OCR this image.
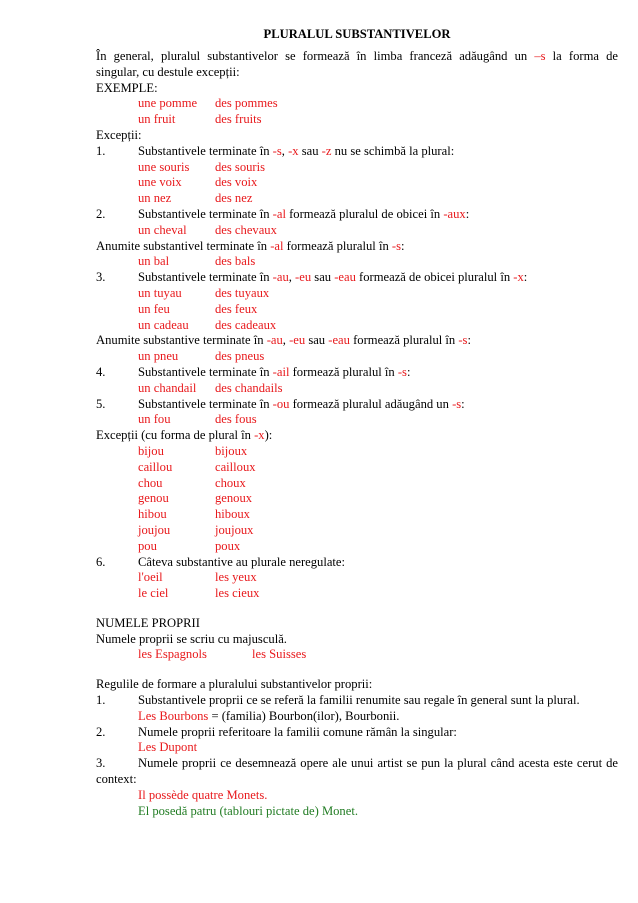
PLURALUL SUBSTANTIVELOR
În general, pluralul substantivelor se formează în limba franceză adăugând un –s la forma de
singular, cu destule excepții:
EXEMPLE:
une pomme des pommes
un fruit	des fruits
Excepții:
1.	Substantivele terminate în -s, -x sau -z nu se schimbă la plural:
une souris des souris
une voix	des voix
un nez	des nez
2.	Substantivele terminate în -al formează pluralul de obicei în -aux:
un cheval des chevaux
Anumite substantivel terminate în -al formează pluralul în -s:
un bal	des bals
3.	Substantivele terminate în -au, -eu sau -eau formează de obicei pluralul în -x:
un tuyau	des tuyaux
un feu	des feux
un cadeau des cadeaux
Anumite substantive terminate în -au, -eu sau -eau formează pluralul în -s:
un pneu	des pneus
4.	Substantivele terminate în -ail formează pluralul în -s:
un chandail des chandails
5.	Substantivele terminate în -ou formează pluralul adăugând un -s:
un fou	des fous
Excepții (cu forma de plural în -x):
bijou	bijoux
caillou	cailloux
chou	choux
genou	genoux
hibou	hiboux
joujou	joujoux
pou	poux
6.	Câteva substantive au plurale neregulate:
l'oeil	les yeux
le ciel	les cieux
NUMELE PROPRII
Numele proprii se scriu cu majusculă.
les Espagnols	les Suisses
Regulile de formare a pluralului substantivelor proprii:
1.	Substantivele proprii ce se referă la familii renumite sau regale în general sunt la plural.
Les Bourbons = (familia) Bourbon(ilor), Bourbonii.
2.	Numele proprii referitoare la familii comune rămân la singular:
Les Dupont
3.	Numele proprii ce desemnează opere ale unui artist se pun la plural când acesta este cerut de
context:
Il possède quatre Monets.
El posedă patru (tablouri pictate de) Monet.
